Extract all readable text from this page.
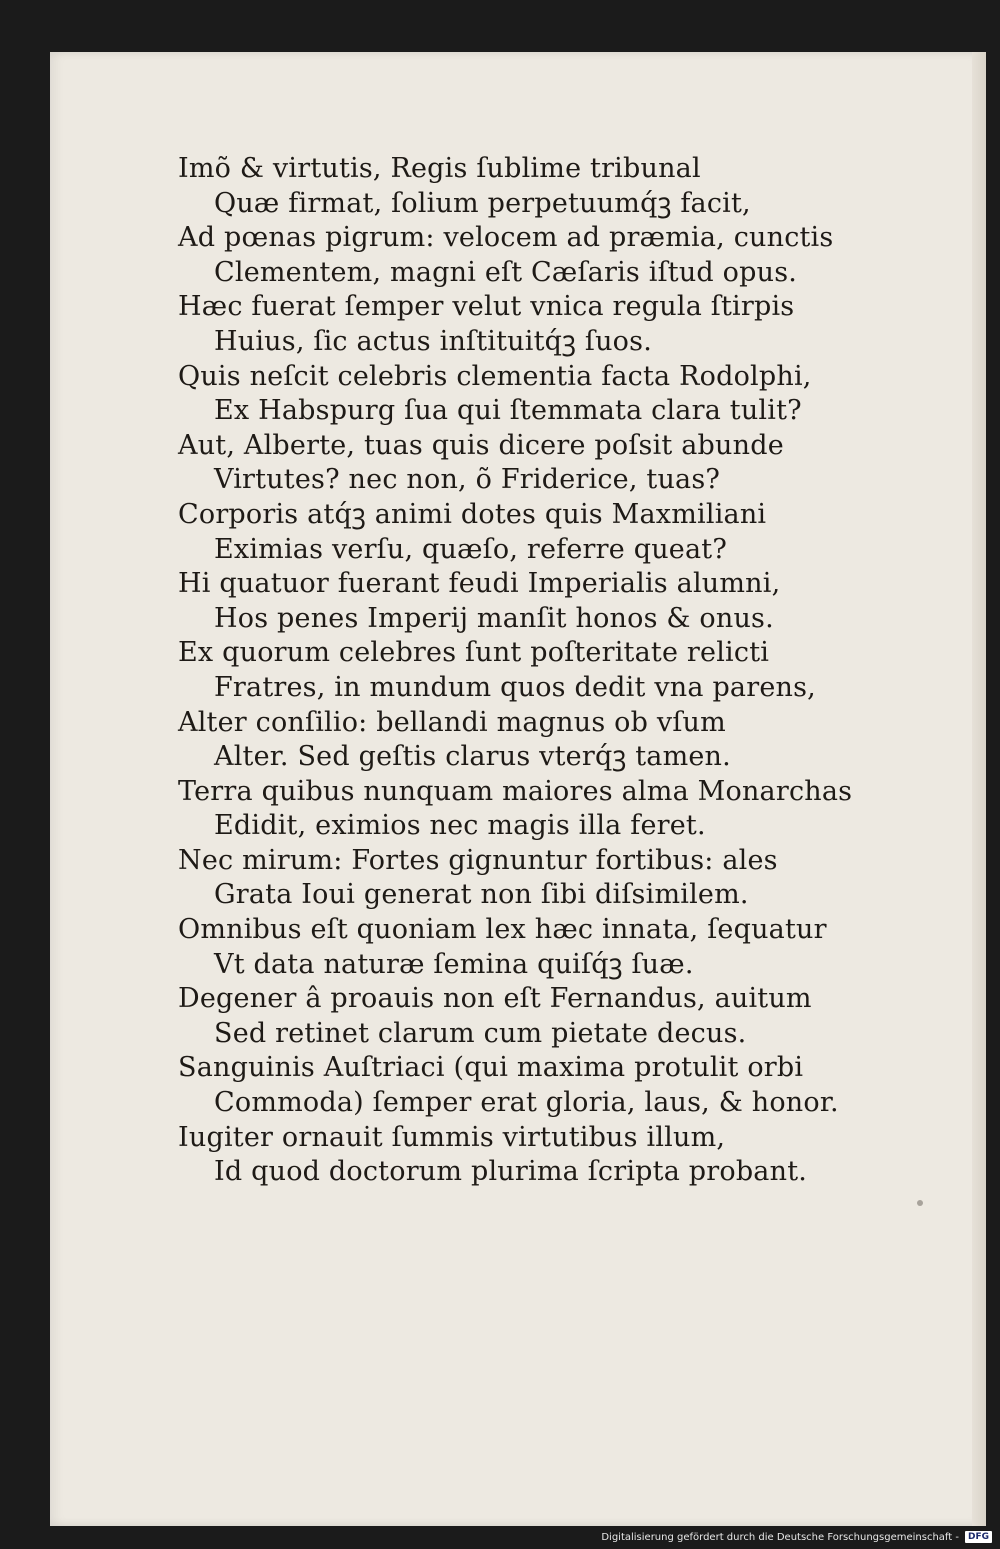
Imõ & virtutis, Regis ſublime tribunal
Quæ firmat, ſolium perpetuumq́ꝫ facit,
Ad pœnas pigrum: velocem ad præmia, cunctis
Clementem, magni eſt Cæſaris iſtud opus.
Hæc fuerat ſemper velut vnica regula ſtirpis
Huius, ſic actus inſtituitq́ꝫ ſuos.
Quis neſcit celebris clementia facta Rodolphi,
Ex Habspurg ſua qui ſtemmata clara tulit?
Aut, Alberte, tuas quis dicere poſsit abunde
Virtutes? nec non, õ Friderice, tuas?
Corporis atq́ꝫ animi dotes quis Maxmiliani
Eximias verſu, quæſo, referre queat?
Hi quatuor fuerant feudi Imperialis alumni,
Hos penes Imperij manſit honos & onus.
Ex quorum celebres ſunt poſteritate relicti
Fratres, in mundum quos dedit vna parens,
Alter conſilio: bellandi magnus ob vſum
Alter. Sed geſtis clarus vterq́ꝫ tamen.
Terra quibus nunquam maiores alma Monarchas
Edidit, eximios nec magis illa feret.
Nec mirum: Fortes gignuntur fortibus: ales
Grata Ioui generat non ſibi diſsimilem.
Omnibus eſt quoniam lex hæc innata, ſequatur
Vt data naturæ ſemina quiſq́ꝫ ſuæ.
Degener â proauis non eſt Fernandus, auitum
Sed retinet clarum cum pietate decus.
Sanguinis Auſtriaci (qui maxima protulit orbi
Commoda) ſemper erat gloria, laus, & honor.
Iugiter ornauit ſummis virtutibus illum,
Id quod doctorum plurima ſcripta probant.
Digitalisierung gefördert durch die Deutsche Forschungsgemeinschaft -	DFG
